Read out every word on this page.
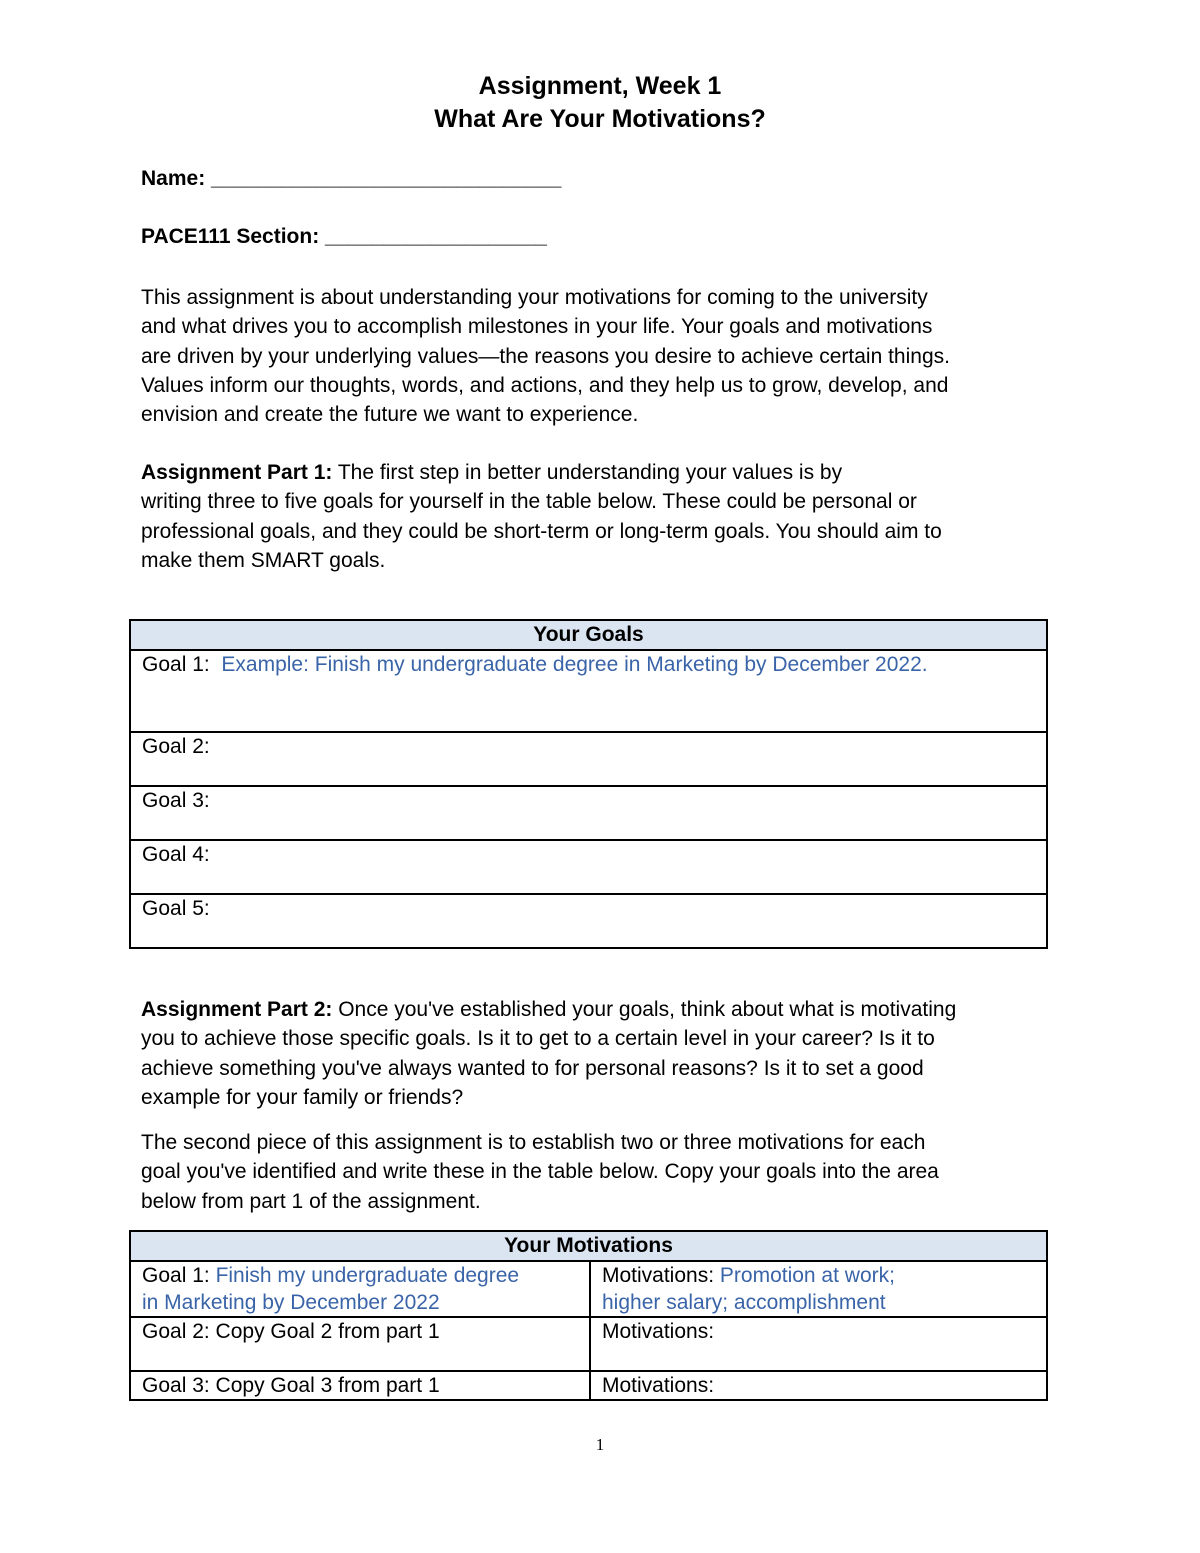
Assignment, Week 1
What Are Your Motivations?
Name: ______________________________
PACE111 Section: ___________________
This assignment is about understanding your motivations for coming to the university
and what drives you to accomplish milestones in your life. Your goals and motivations
are driven by your underlying values—the reasons you desire to achieve certain things.
Values inform our thoughts, words, and actions, and they help us to grow, develop, and
envision and create the future we want to experience.
Assignment Part 1: The first step in better understanding your values is by
writing three to five goals for yourself in the table below. These could be personal or
professional goals, and they could be short-term or long-term goals. You should aim to
make them SMART goals.
Your Goals
Goal 1: Example: Finish my undergraduate degree in Marketing by December 2022.
Goal 2:
Goal 3:
Goal 4:
Goal 5:
Assignment Part 2: Once you've established your goals, think about what is motivating
you to achieve those specific goals. Is it to get to a certain level in your career? Is it to
achieve something you've always wanted to for personal reasons? Is it to set a good
example for your family or friends?
The second piece of this assignment is to establish two or three motivations for each
goal you've identified and write these in the table below. Copy your goals into the area
below from part 1 of the assignment.
Your Motivations	
Goal 1: Finish my undergraduate degree
in Marketing by December 2022	Motivations: Promotion at work;
higher salary; accomplishment
Goal 2: Copy Goal 2 from part 1	Motivations:
Goal 3: Copy Goal 3 from part 1	Motivations:
1
